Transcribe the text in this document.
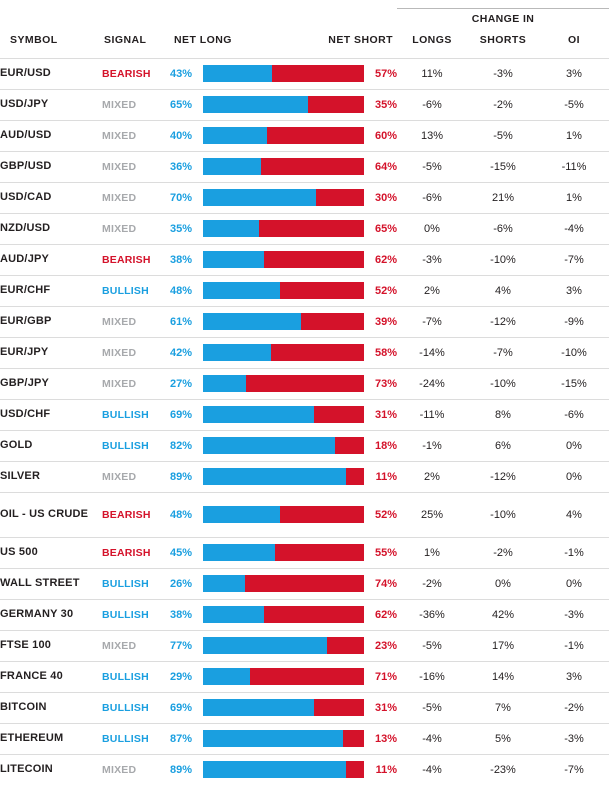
			CHANGE IN		

SYMBOL	SIGNAL	NET LONG NET SHORT	LONGS	SHORTS	OI
EUR/USD	BEARISH	43% 57%	11%	-3%	3%
USD/JPY	MIXED	65% 35%	-6%	-2%	-5%
AUD/USD	MIXED	40% 60%	13%	-5%	1%
GBP/USD	MIXED	36% 64%	-5%	-15%	-11%
USD/CAD	MIXED	70% 30%	-6%	21%	1%
NZD/USD	MIXED	35% 65%	0%	-6%	-4%
AUD/JPY	BEARISH	38% 62%	-3%	-10%	-7%
EUR/CHF	BULLISH	48% 52%	2%	4%	3%
EUR/GBP	MIXED	61% 39%	-7%	-12%	-9%
EUR/JPY	MIXED	42% 58%	-14%	-7%	-10%
GBP/JPY	MIXED	27% 73%	-24%	-10%	-15%
USD/CHF	BULLISH	69% 31%	-11%	8%	-6%
GOLD	BULLISH	82% 18%	-1%	6%	0%
SILVER	MIXED	89% 11%	2%	-12%	0%
OIL - US CRUDE	BEARISH	48% 52%	25%	-10%	4%
US 500	BEARISH	45% 55%	1%	-2%	-1%
WALL STREET	BULLISH	26% 74%	-2%	0%	0%
GERMANY 30	BULLISH	38% 62%	-36%	42%	-3%
FTSE 100	MIXED	77% 23%	-5%	17%	-1%
FRANCE 40	BULLISH	29% 71%	-16%	14%	3%
BITCOIN	BULLISH	69% 31%	-5%	7%	-2%
ETHEREUM	BULLISH	87% 13%	-4%	5%	-3%
LITECOIN	MIXED	89% 11%	-4%	-23%	-7%
